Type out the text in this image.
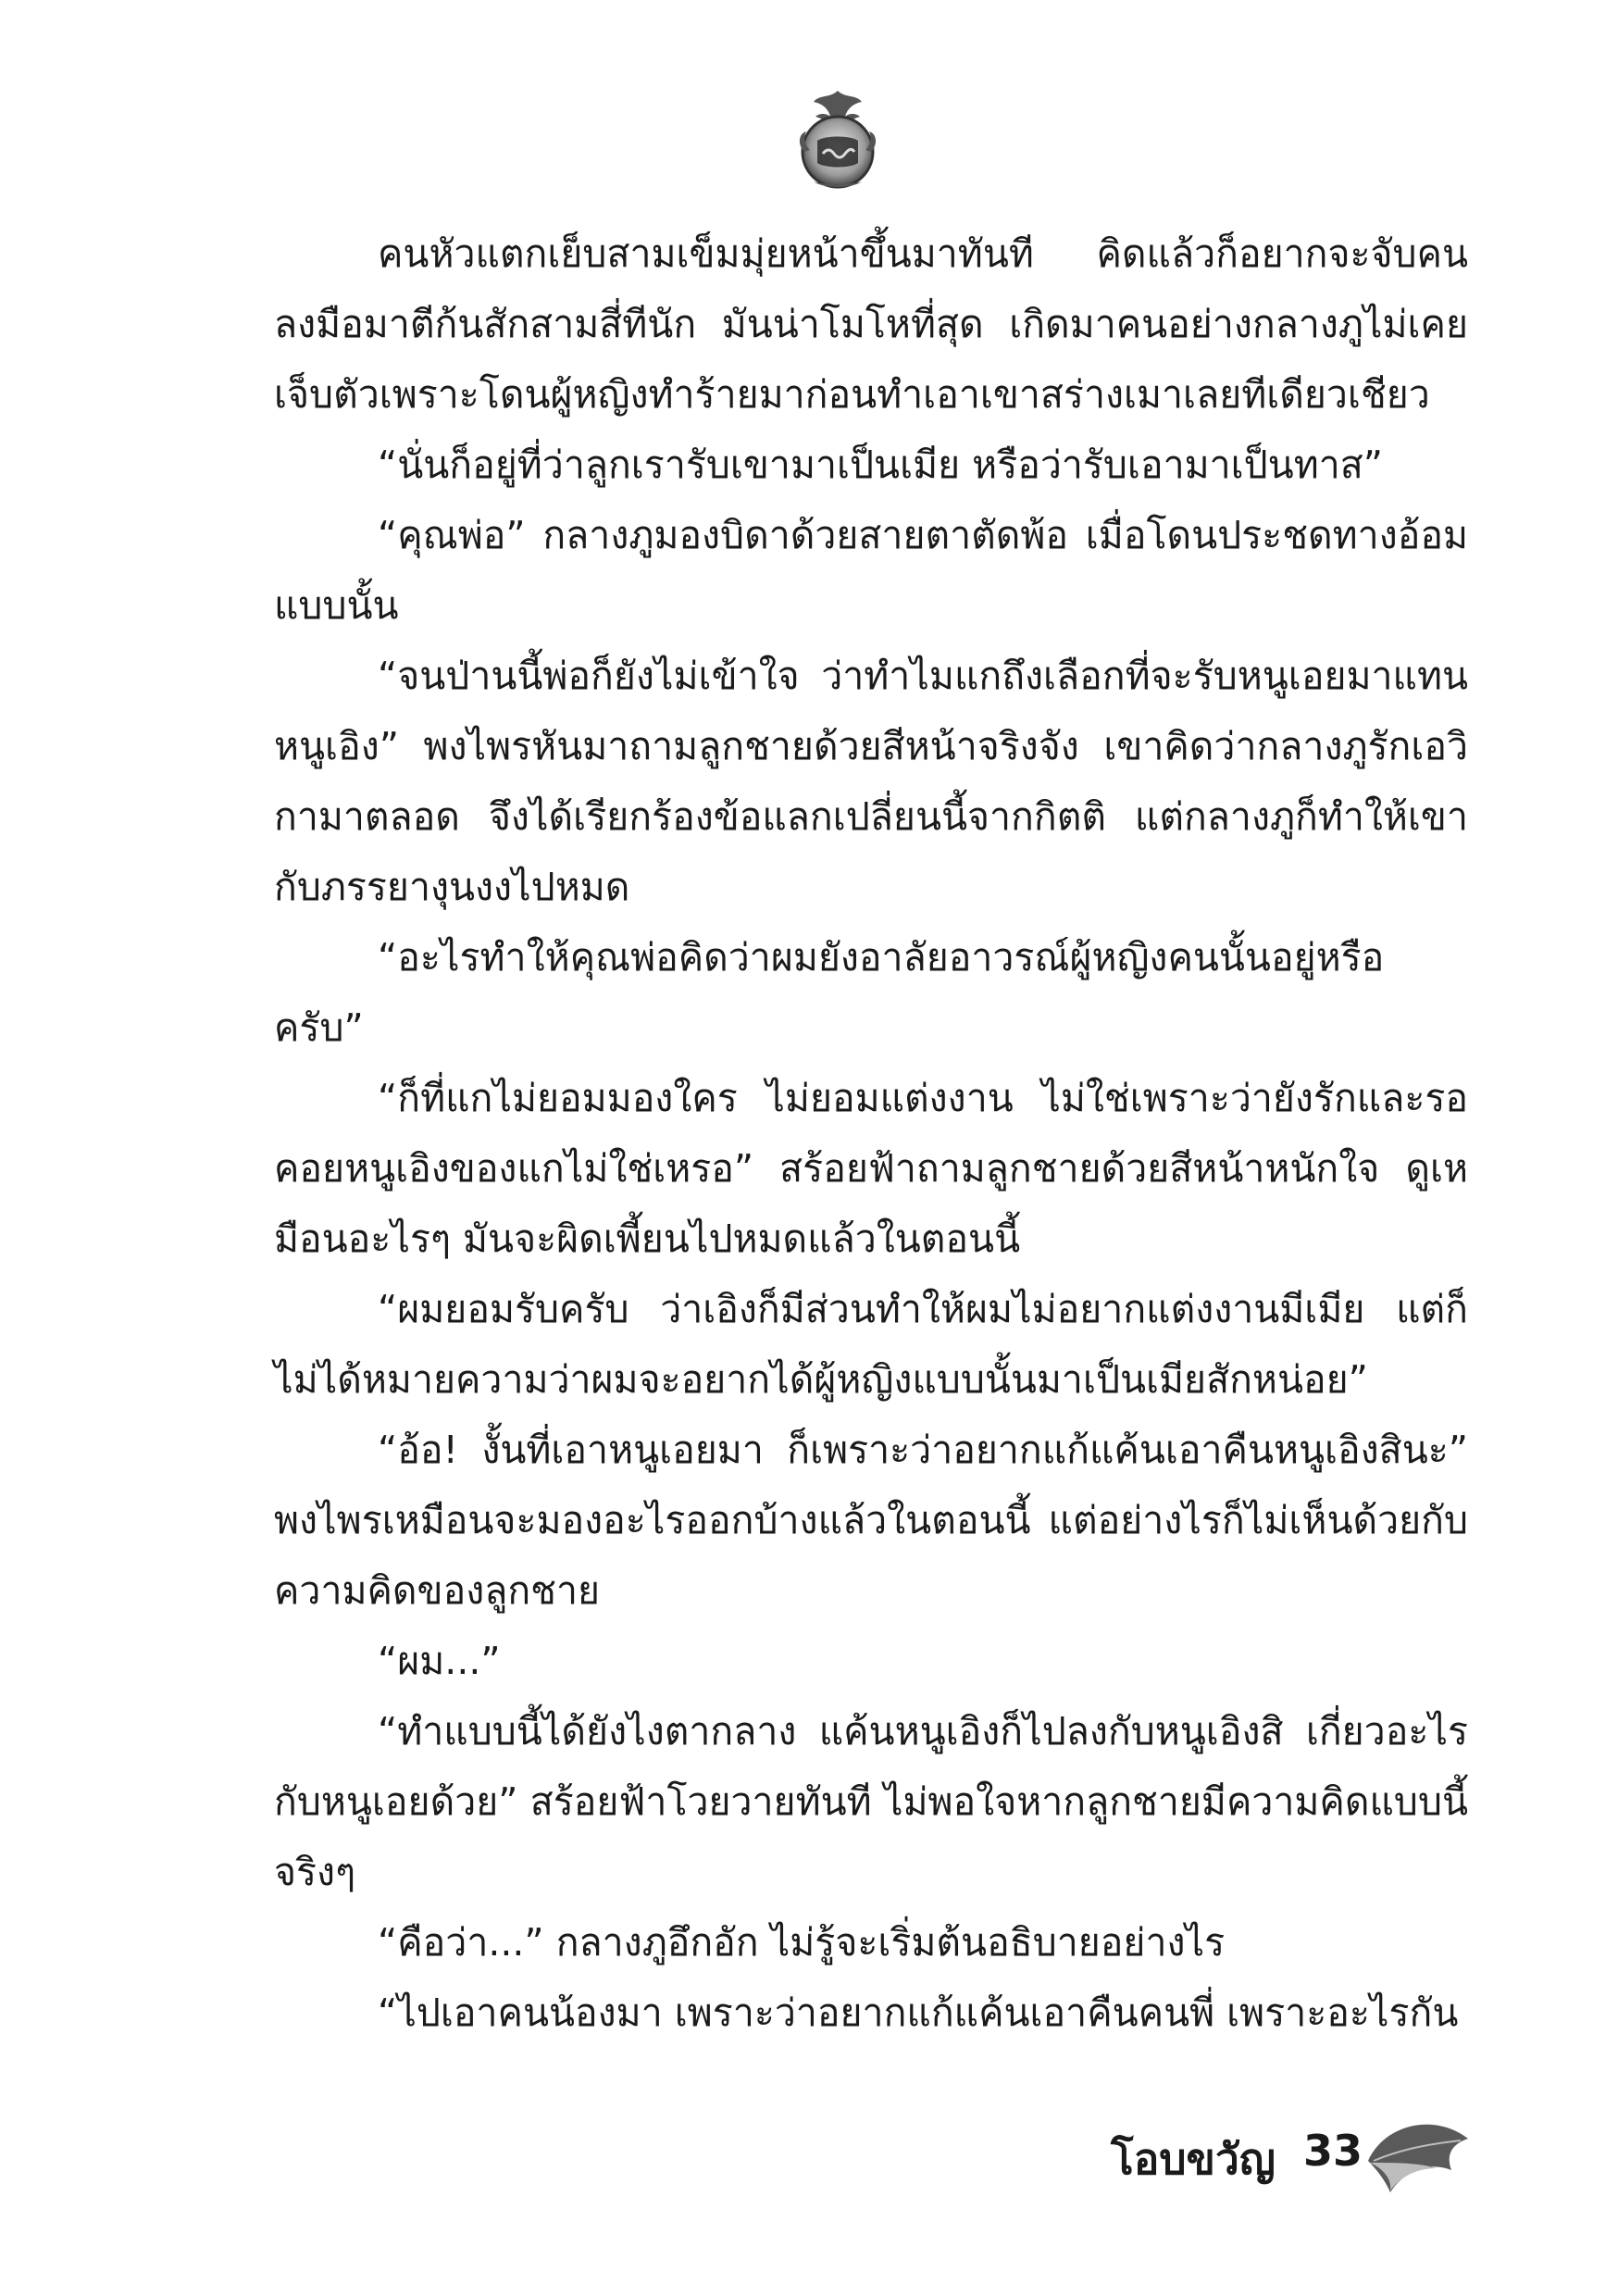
คนหัวแตกเย็บสามเข็มมุ่ยหน้าขึ้นมาทันที คิดแล้วก็อยากจะจับคนลงมือมาตีก้นสักสามสี่ทีนัก มันน่าโมโหที่สุด เกิดมาคนอย่างกลางภูไม่เคยเจ็บตัวเพราะโดนผู้หญิงทำร้ายมาก่อนทำเอาเขาสร่างเมาเลยทีเดียวเชียว

“นั่นก็อยู่ที่ว่าลูกเรารับเขามาเป็นเมีย หรือว่ารับเอามาเป็นทาส”

“คุณพ่อ” กลางภูมองบิดาด้วยสายตาตัดพ้อ เมื่อโดนประชดทางอ้อมแบบนั้น

“จนป่านนี้พ่อก็ยังไม่เข้าใจ ว่าทำไมแกถึงเลือกที่จะรับหนูเอยมาแทนหนูเอิง” พงไพรหันมาถามลูกชายด้วยสีหน้าจริงจัง เขาคิดว่ากลางภูรักเอวิกามาตลอด จึงได้เรียกร้องข้อแลกเปลี่ยนนี้จากกิตติ แต่กลางภูก็ทำให้เขากับภรรยางุนงงไปหมด

“อะไรทำให้คุณพ่อคิดว่าผมยังอาลัยอาวรณ์ผู้หญิงคนนั้นอยู่หรือครับ”

“ก็ที่แกไม่ยอมมองใคร ไม่ยอมแต่งงาน ไม่ใช่เพราะว่ายังรักและรอคอยหนูเอิงของแกไม่ใช่เหรอ” สร้อยฟ้าถามลูกชายด้วยสีหน้าหนักใจ ดูเหมือนอะไรๆ มันจะผิดเพี้ยนไปหมดแล้วในตอนนี้

“ผมยอมรับครับ ว่าเอิงก็มีส่วนทำให้ผมไม่อยากแต่งงานมีเมีย แต่ก็ไม่ได้หมายความว่าผมจะอยากได้ผู้หญิงแบบนั้นมาเป็นเมียสักหน่อย”

“อ้อ! งั้นที่เอาหนูเอยมา ก็เพราะว่าอยากแก้แค้นเอาคืนหนูเอิงสินะ” พงไพรเหมือนจะมองอะไรออกบ้างแล้วในตอนนี้ แต่อย่างไรก็ไม่เห็นด้วยกับความคิดของลูกชาย

“ผม...”

“ทำแบบนี้ได้ยังไงตากลาง แค้นหนูเอิงก็ไปลงกับหนูเอิงสิ เกี่ยวอะไรกับหนูเอยด้วย” สร้อยฟ้าโวยวายทันที ไม่พอใจหากลูกชายมีความคิดแบบนี้จริงๆ

“คือว่า...” กลางภูอึกอัก ไม่รู้จะเริ่มต้นอธิบายอย่างไร

“ไปเอาคนน้องมา เพราะว่าอยากแก้แค้นเอาคืนคนพี่ เพราะอะไรกัน

โอบขวัญ 33
